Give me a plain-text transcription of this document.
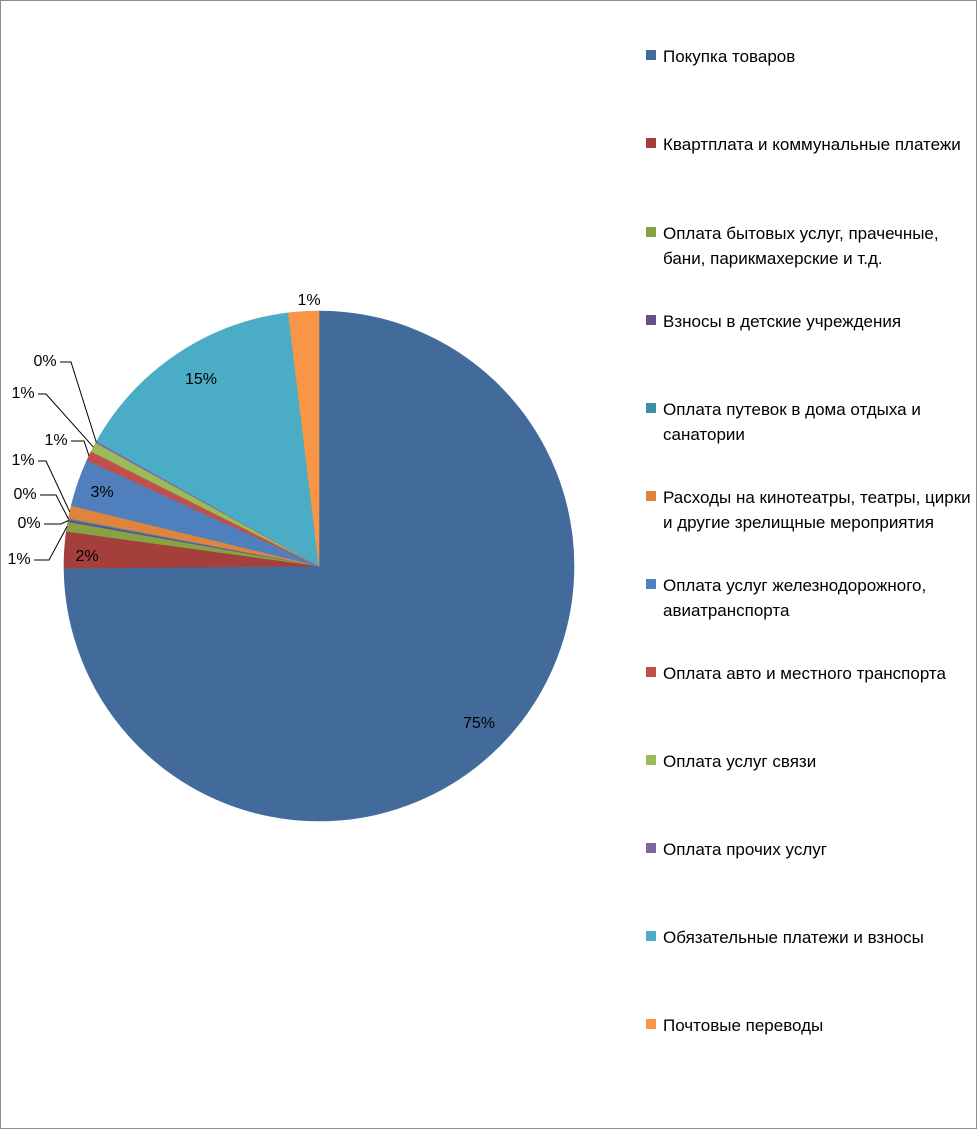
75%
2%
1%
0%
0%
1%
3%
1%
1%
0%
15%
1%
Покупка товаров
Квартплата и коммунальные платежи
Оплата бытовых услуг, прачечные, бани, парикмахерские и т.д.
Взносы в детские учреждения
Оплата путевок в дома отдыха и санатории
Расходы на кинотеатры, театры, цирки и другие зрелищные мероприятия
Оплата услуг железнодорожного, авиатранспорта
Оплата авто и местного транспорта
Оплата услуг связи
Оплата прочих услуг
Обязательные платежи и взносы
Почтовые переводы
